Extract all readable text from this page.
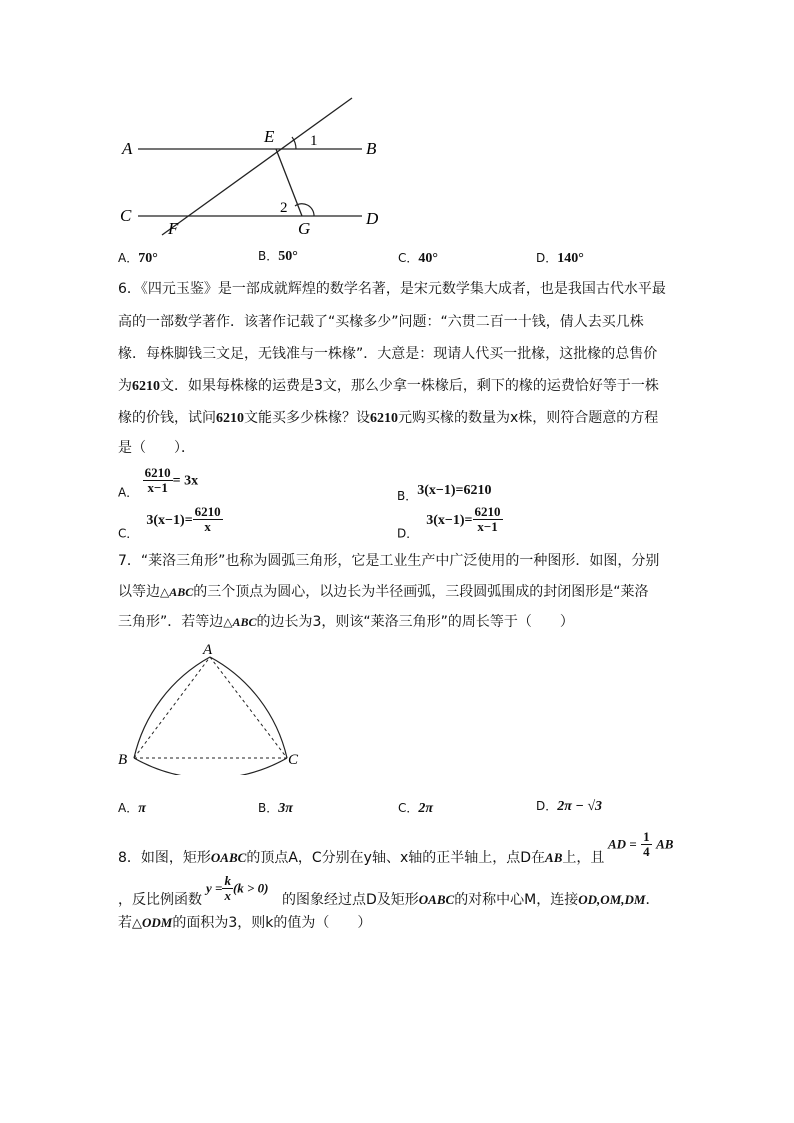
A	B
C	D
E
F	G
1
2
A．70°	B．50°	C．40°	D．140°
6．《四元玉鉴》是一部成就辉煌的数学名著，是宋元数学集大成者，也是我国古代水平最
高的一部数学著作．该著作记载了“买椽多少”问题：“六贯二百一十钱，倩人去买几株
椽．每株脚钱三文足，无钱准与一株椽”．大意是：现请人代买一批椽，这批椽的总售价
为6210文．如果每株椽的运费是3文，那么少拿一株椽后，剩下的椽的运费恰好等于一株
椽的价钱，试问6210文能买多少株椽？设6210元购买椽的数量为x株，则符合题意的方程
是（　　）．
A． $\frac{6210}{x-1} = 3x$
B．3(x−1)=6210
C．$3(x-1)= \frac{6210}{x}$	D．$3(x-1)= \frac{6210}{x-1}$
7．“莱洛三角形”也称为圆弧三角形，它是工业生产中广泛使用的一种图形．如图，分别
以等边△ABC的三个顶点为圆心，以边长为半径画弧，三段圆弧围成的封闭图形是“莱洛
三角形”．若等边△ABC的边长为3，则该“莱洛三角形”的周长等于（　　）
A
B	C
A．π	B．3π	C．2π	D．2π − √3
8．如图，矩形OABC的顶点A，C分别在y轴、x轴的正半轴上，点D在AB上，且
AD = $\frac{1}{4}$ AB
，反比例函数
$y = \frac{k}{x} (k > 0)$
的图象经过点D及矩形OABC的对称中心M，连接OD,OM,DM．
若△ODM的面积为3，则k的值为（　　）
